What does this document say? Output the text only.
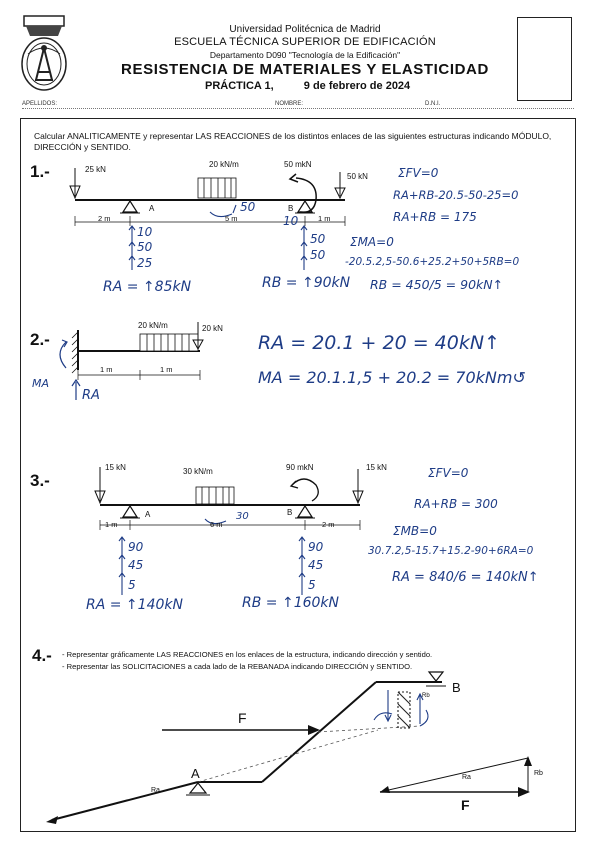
Universidad Politécnica de Madrid
ESCUELA TÉCNICA SUPERIOR DE EDIFICACIÓN
Departamento D090 "Tecnología de la Edificación"
RESISTENCIA DE MATERIALES Y ELASTICIDAD
PRÁCTICA 1,	9 de febrero de 2024
APELLIDOS:	NOMBRE:	D.N.I.
Calcular ANALITICAMENTE y representar LAS REACCIONES de los distintos enlaces de las siguientes estructuras indicando MÓDULO, DIRECCIÓN y SENTIDO.
1.-	25 kN
20 kN/m	50 mkN
50 kN
A	B
2 m	5 m	1 m
50
10
50
25
RA = ↑85kN
10
50
50
RB = ↑90kN
ΣFV=0
RA+RB-20.5-50-25=0
RA+RB = 175
ΣMA=0
-20.5.2,5-50.6+25.2+50+5RB=0
RB = 450/5 = 90kN↑
2.-
20 kN/m	20 kN
1 m	1 m
MA
RA
RA = 20.1 + 20 = 40kN↑
MA = 20.1.1,5 + 20.2 = 70kNm↺
3.-
15 kN	30 kN/m	90 mkN	15 kN
A	B
1 m	6 m	2 m
30
90
45
5
RA = ↑140kN
90
45
5
RB = ↑160kN
ΣFV=0
RA+RB = 300
ΣMB=0
30.7.2,5-15.7+15.2-90+6RA=0
RA = 840/6 = 140kN↑
4.- - Representar gráficamente LAS REACCIONES en los enlaces de la estructura, indicando dirección y sentido.
- Representar las SOLICITACIONES a cada lado de la REBANADA indicando DIRECCIÓN y SENTIDO.
F
A
B
Ra
Rb
F
Ra
Rb
